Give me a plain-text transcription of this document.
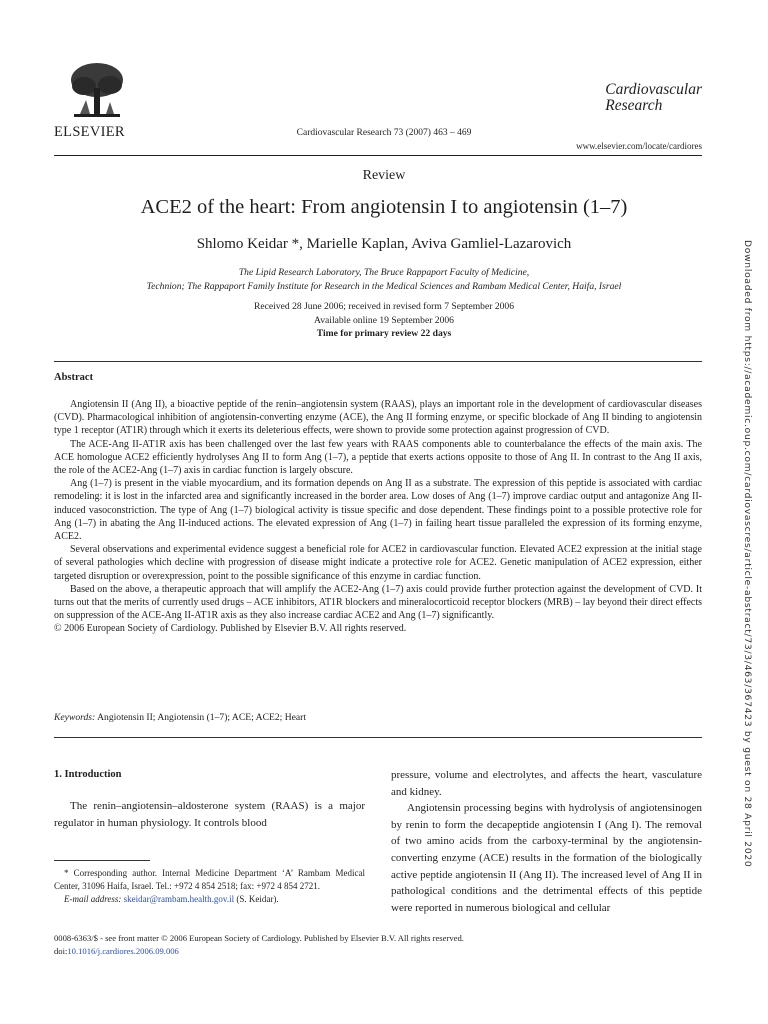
ELSEVIER	Cardiovascular Research 73 (2007) 463 – 469
Cardiovascular
Research
www.elsevier.com/locate/cardiores
Review
ACE2 of the heart: From angiotensin I to angiotensin (1–7)
Shlomo Keidar *, Marielle Kaplan, Aviva Gamliel-Lazarovich
The Lipid Research Laboratory, The Bruce Rappaport Faculty of Medicine,
Technion; The Rappaport Family Institute for Research in the Medical Sciences and Rambam Medical Center, Haifa, Israel
Received 28 June 2006; received in revised form 7 September 2006
Available online 19 September 2006
Time for primary review 22 days
Abstract

Angiotensin II (Ang II), a bioactive peptide of the renin–angiotensin system (RAAS), plays an important role in the development of cardiovascular diseases (CVD). Pharmacological inhibition of angiotensin-converting enzyme (ACE), the Ang II forming enzyme, or specific blockade of Ang II binding to angiotensin type 1 receptor (AT1R) through which it exerts its deleterious effects, were shown to provide some protection against progression of CVD.

The ACE-Ang II-AT1R axis has been challenged over the last few years with RAAS components able to counterbalance the effects of the main axis. The ACE homologue ACE2 efficiently hydrolyses Ang II to form Ang (1–7), a peptide that exerts actions opposite to those of Ang II. In contrast to the Ang II axis, the role of the ACE2-Ang (1–7) axis in cardiac function is largely obscure.

Ang (1–7) is present in the viable myocardium, and its formation depends on Ang II as a substrate. The expression of this peptide is associated with cardiac remodeling: it is lost in the infarcted area and significantly increased in the border area. Low doses of Ang (1–7) improve cardiac output and antagonize Ang II-induced vasoconstriction. The type of Ang (1–7) biological activity is tissue specific and dose dependent. These findings point to a possible protective role for Ang (1–7) in abating the Ang II-induced actions. The elevated expression of Ang (1–7) in failing heart tissue paralleled the expression of its forming enzyme, ACE2.

Several observations and experimental evidence suggest a beneficial role for ACE2 in cardiovascular function. Elevated ACE2 expression at the initial stage of several pathologies which decline with progression of disease might indicate a protective role for ACE2. Genetic manipulation of ACE2 expression, either targeted disruption or overexpression, point to the possible significance of this enzyme in cardiac function.

Based on the above, a therapeutic approach that will amplify the ACE2-Ang (1–7) axis could provide further protection against the development of CVD. It turns out that the merits of currently used drugs – ACE inhibitors, AT1R blockers and mineralocorticoid receptor blockers (MRB) – lay beyond their direct effects on suppression of the ACE-Ang II-AT1R axis as they also increase cardiac ACE2 and Ang (1–7) significantly.

© 2006 European Society of Cardiology. Published by Elsevier B.V. All rights reserved.

Keywords: Angiotensin II; Angiotensin (1–7); ACE; ACE2; Heart
1. Introduction

The renin–angiotensin–aldosterone system (RAAS) is a major regulator in human physiology. It controls blood

pressure, volume and electrolytes, and affects the heart, vasculature and kidney.

Angiotensin processing begins with hydrolysis of angiotensinogen by renin to form the decapeptide angiotensin I (Ang I). The removal of two amino acids from the carboxy-terminal by the angiotensin-converting enzyme (ACE) results in the formation of the biologically active peptide angiotensin II (Ang II). The increased level of Ang II in pathological conditions and the detrimental effects of this peptide were reported in numerous biological and cellular

* Corresponding author. Internal Medicine Department ‘A’ Rambam Medical Center, 31096 Haifa, Israel. Tel.: +972 4 854 2518; fax: +972 4 854 2721.

E-mail address: skeidar@rambam.health.gov.il (S. Keidar).

0008-6363/$ - see front matter © 2006 European Society of Cardiology. Published by Elsevier B.V. All rights reserved.
doi:10.1016/j.cardiores.2006.09.006
Downloaded from https://academic.oup.com/cardiovascres/article-abstract/73/3/463/367423 by guest on 28 April 2020
